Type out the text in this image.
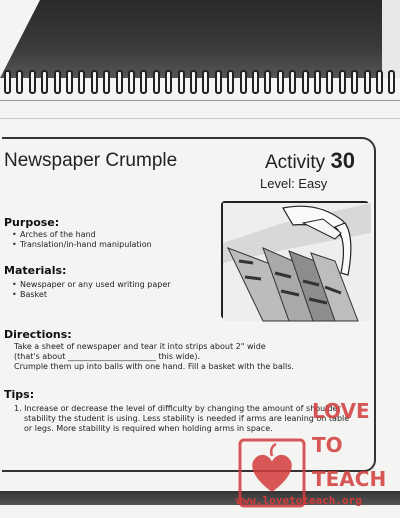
Newspaper Crumple	Activity 30
Level: Easy
Purpose:
• Arches of the hand
• Translation/in-hand manipulation
Materials:
• Newspaper or any used writing paper
• Basket
Directions:
Take a sheet of newspaper and tear it into strips about 2" wide
(that's about ______________________ this wide).
Crumple them up into balls with one hand. Fill a basket with the balls.
Tips:
1. Increase or decrease the level of difficulty by changing the amount of shoulder
stability the student is using. Less stability is needed if arms are leaning on table
or legs. More stability is required when holding arms in space.
LOVE
TO
TEACH
www.lovetoteach.org
